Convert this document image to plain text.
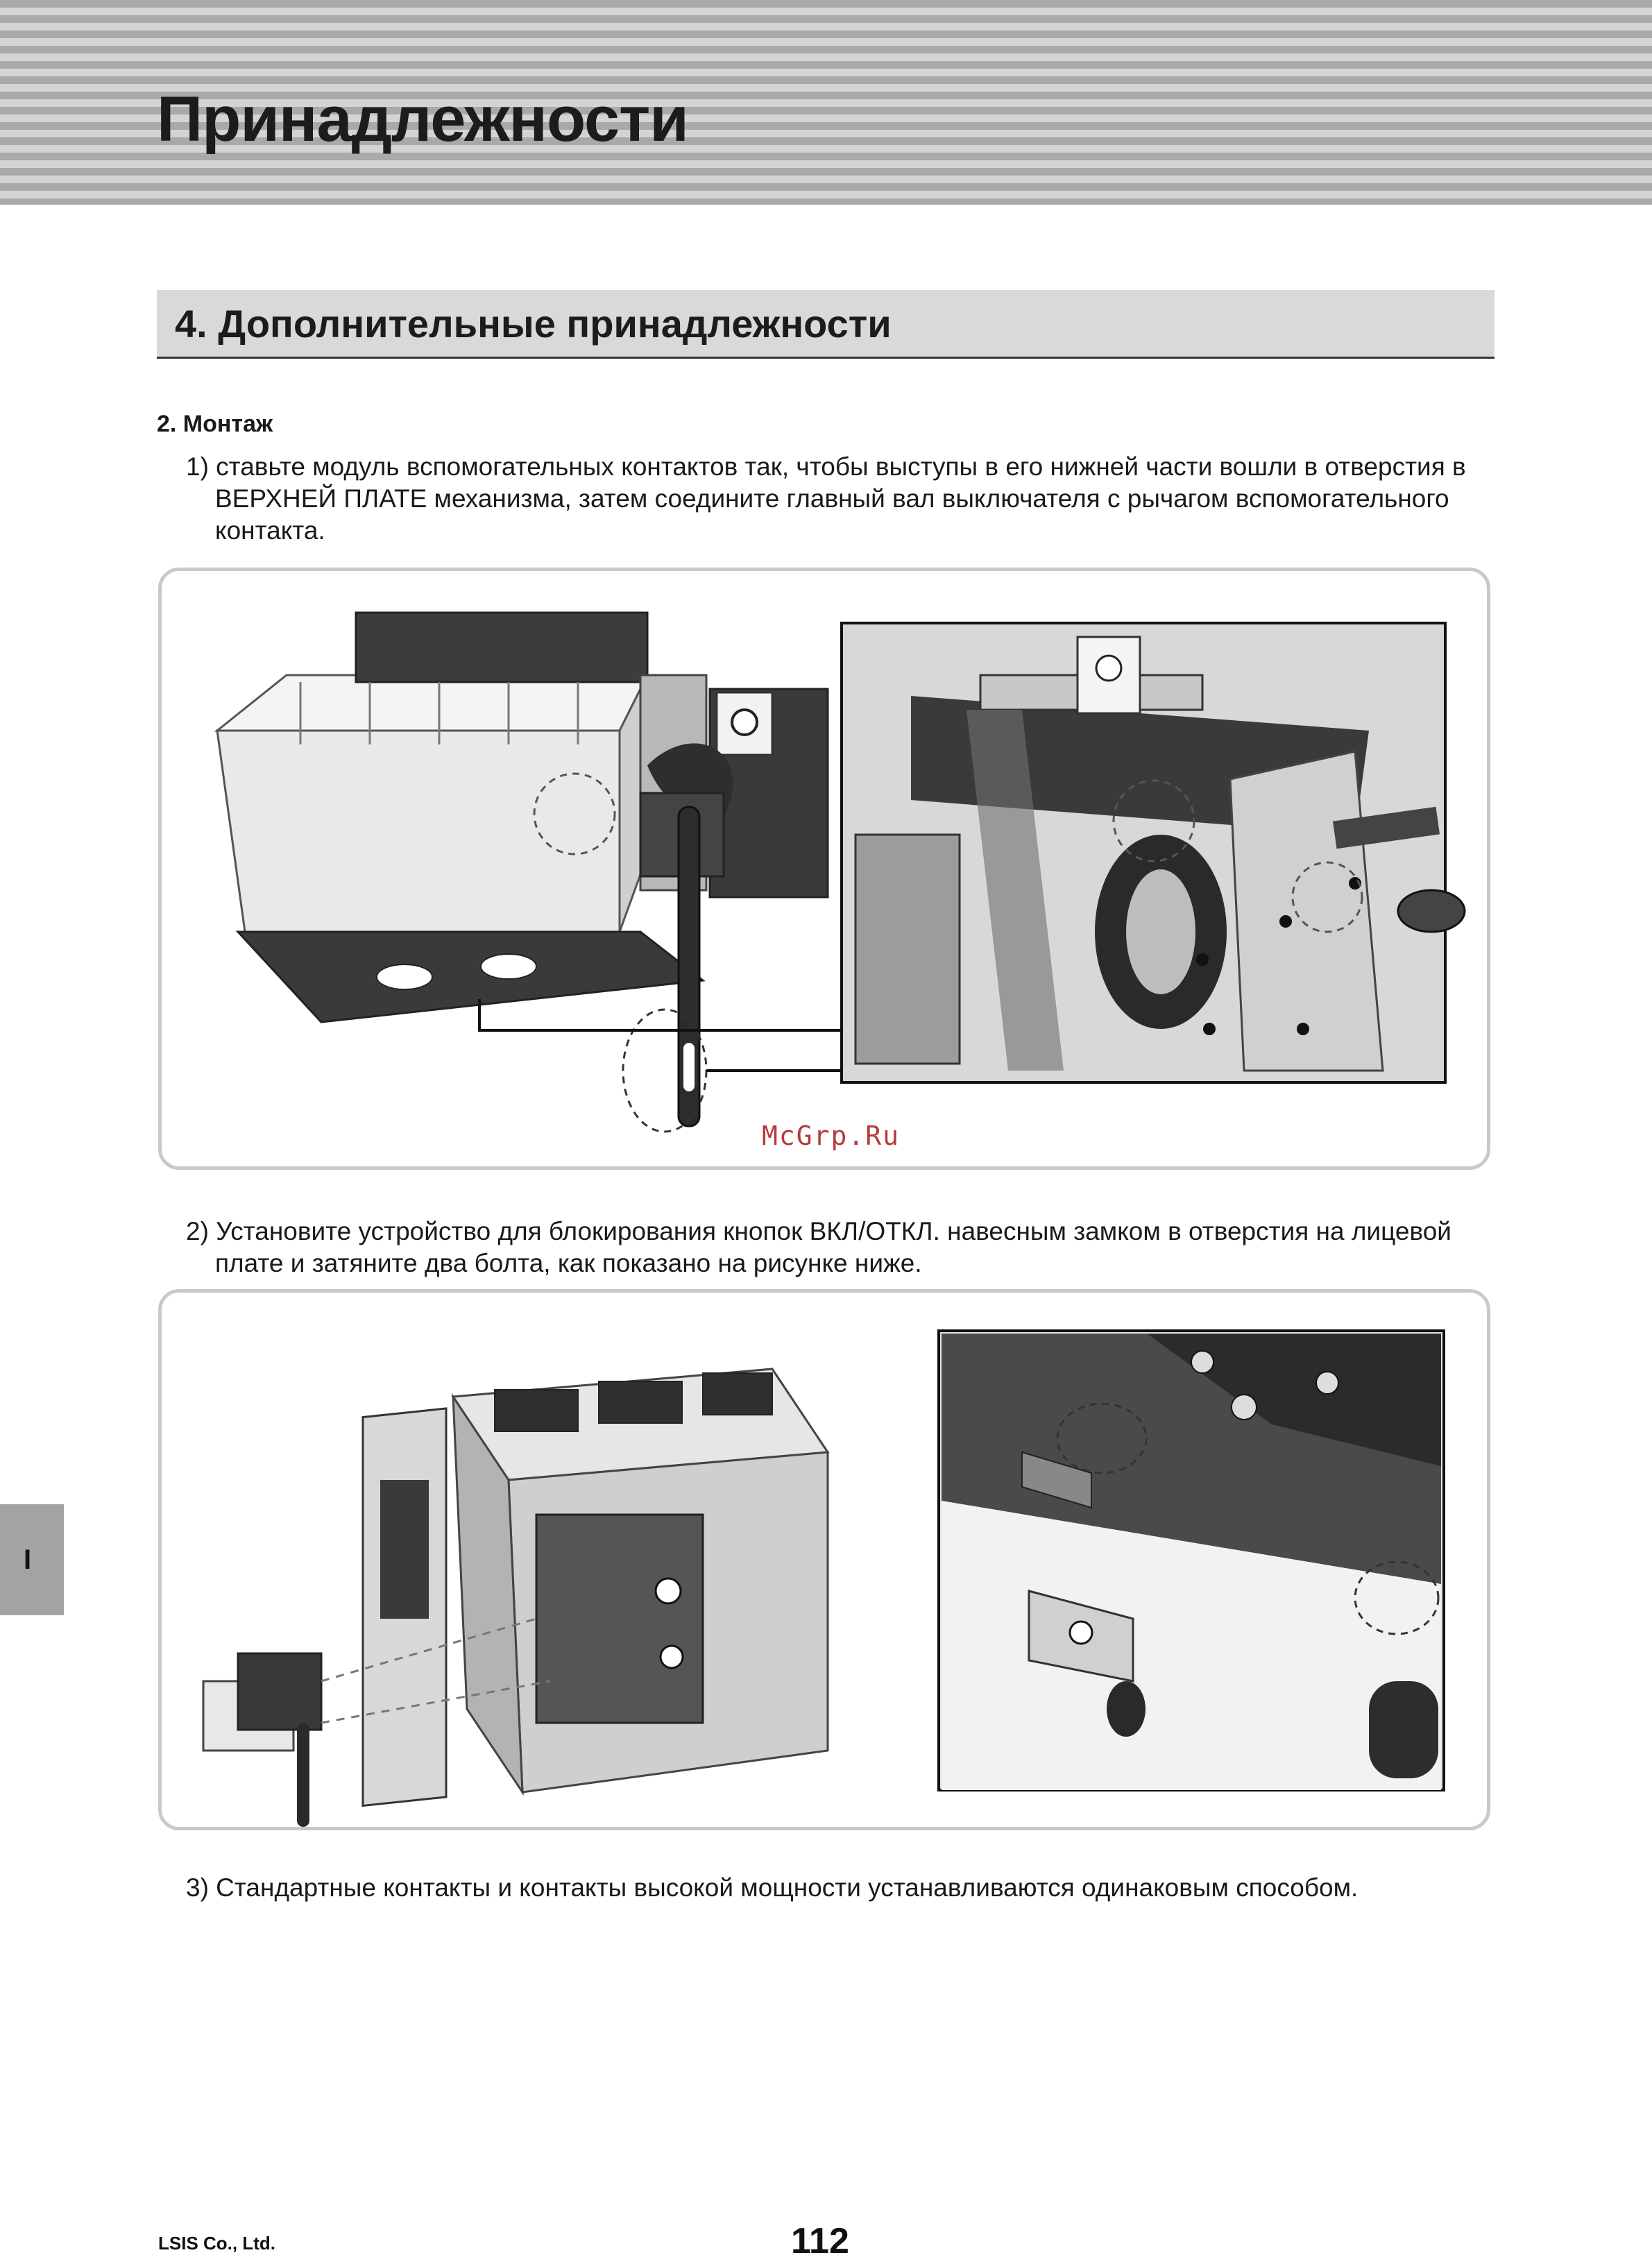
Принадлежности
4. Дополнительные принадлежности
2. Монтаж

1) ставьте модуль вспомогательных контактов так, чтобы выступы в его нижней части вошли в отверстия в ВЕРХНЕЙ ПЛАТЕ механизма, затем соедините главный вал выключателя с рычагом вспомогательного контакта.

McGrp.Ru

2) Установите устройство для блокирования кнопок ВКЛ/ОТКЛ. навесным замком в отверстия на лицевой плате и затяните два болта, как показано на рисунке ниже.

3) Стандартные контакты и контакты высокой мощности устанавливаются одинаковым способом.

I
LSIS Co., Ltd.	112
